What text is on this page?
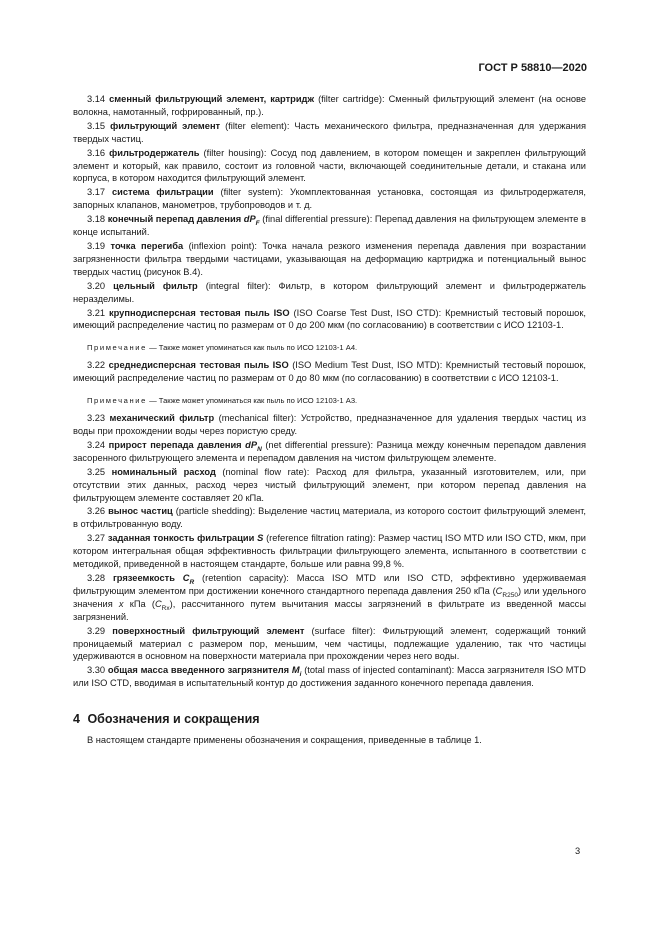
ГОСТ Р 58810—2020

3.14 сменный фильтрующий элемент, картридж (filter cartridge): Сменный фильтрующий элемент (на основе волокна, намотанный, гофрированный, пр.).

3.15 фильтрующий элемент (filter element): Часть механического фильтра, предназначенная для удержания твердых частиц.

3.16 фильтродержатель (filter housing): Сосуд под давлением, в котором помещен и закреплен фильтрующий элемент и который, как правило, состоит из головной части, включающей соединительные детали, и стакана или корпуса, в котором находится фильтрующий элемент.

3.17 система фильтрации (filter system): Укомплектованная установка, состоящая из фильтродержателя, запорных клапанов, манометров, трубопроводов и т. д.

3.18 конечный перепад давления $dP_F$ (final differential pressure): Перепад давления на фильтрующем элементе в конце испытаний.

3.19 точка перегиба (inflexion point): Точка начала резкого изменения перепада давления при возрастании загрязненности фильтра твердыми частицами, указывающая на деформацию картриджа и потенциальный вынос твердых частиц (рисунок В.4).

3.20 цельный фильтр (integral filter): Фильтр, в котором фильтрующий элемент и фильтродержатель неразделимы.

3.21 крупнодисперсная тестовая пыль ISO (ISO Coarse Test Dust, ISO CTD): Кремнистый тестовый порошок, имеющий распределение частиц по размерам от 0 до 200 мкм (по согласованию) в соответствии с ИСО 12103-1.

Примечание — Также может упоминаться как пыль по ИСО 12103-1 А4.

3.22 среднедисперсная тестовая пыль ISO (ISO Medium Test Dust, ISO MTD): Кремнистый тестовый порошок, имеющий распределение частиц по размерам от 0 до 80 мкм (по согласованию) в соответствии с ИСО 12103-1.

Примечание — Также может упоминаться как пыль по ИСО 12103-1 А3.

3.23 механический фильтр (mechanical filter): Устройство, предназначенное для удаления твердых частиц из воды при прохождении воды через пористую среду.

3.24 прирост перепада давления $dP_N$ (net differential pressure): Разница между конечным перепадом давления засоренного фильтрующего элемента и перепадом давления на чистом фильтрующем элементе.

3.25 номинальный расход (nominal flow rate): Расход для фильтра, указанный изготовителем, или, при отсутствии этих данных, расход через чистый фильтрующий элемент, при котором перепад давления на фильтрующем элементе составляет 20 кПа.

3.26 вынос частиц (particle shedding): Выделение частиц материала, из которого состоит фильтрующий элемент, в отфильтрованную воду.

3.27 заданная тонкость фильтрации S (reference filtration rating): Размер частиц ISO MTD или ISO CTD, мкм, при котором интегральная общая эффективность фильтрации фильтрующего элемента, испытанного в соответствии с методикой, приведенной в настоящем стандарте, больше или равна 99,8 %.

3.28 грязеемкость $C_R$ (retention capacity): Масса ISO MTD или ISO CTD, эффективно удерживаемая фильтрующим элементом при достижении конечного стандартного перепада давления 250 кПа $(C_{R250})$ или удельного значения x кПа $(C_{Rx})$, рассчитанного путем вычитания массы загрязнений в фильтрате из введенной массы загрязнений.

3.29 поверхностный фильтрующий элемент (surface filter): Фильтрующий элемент, содержащий тонкий проницаемый материал с размером пор, меньшим, чем частицы, подлежащие удалению, так что частицы удерживаются в основном на поверхности материала при прохождении через него воды.

3.30 общая масса введенного загрязнителя $M_i$ (total mass of injected contaminant): Масса загрязнителя ISO MTD или ISO CTD, вводимая в испытательный контур до достижения заданного конечного перепада давления.

4 Обозначения и сокращения

В настоящем стандарте применены обозначения и сокращения, приведенные в таблице 1.

3
